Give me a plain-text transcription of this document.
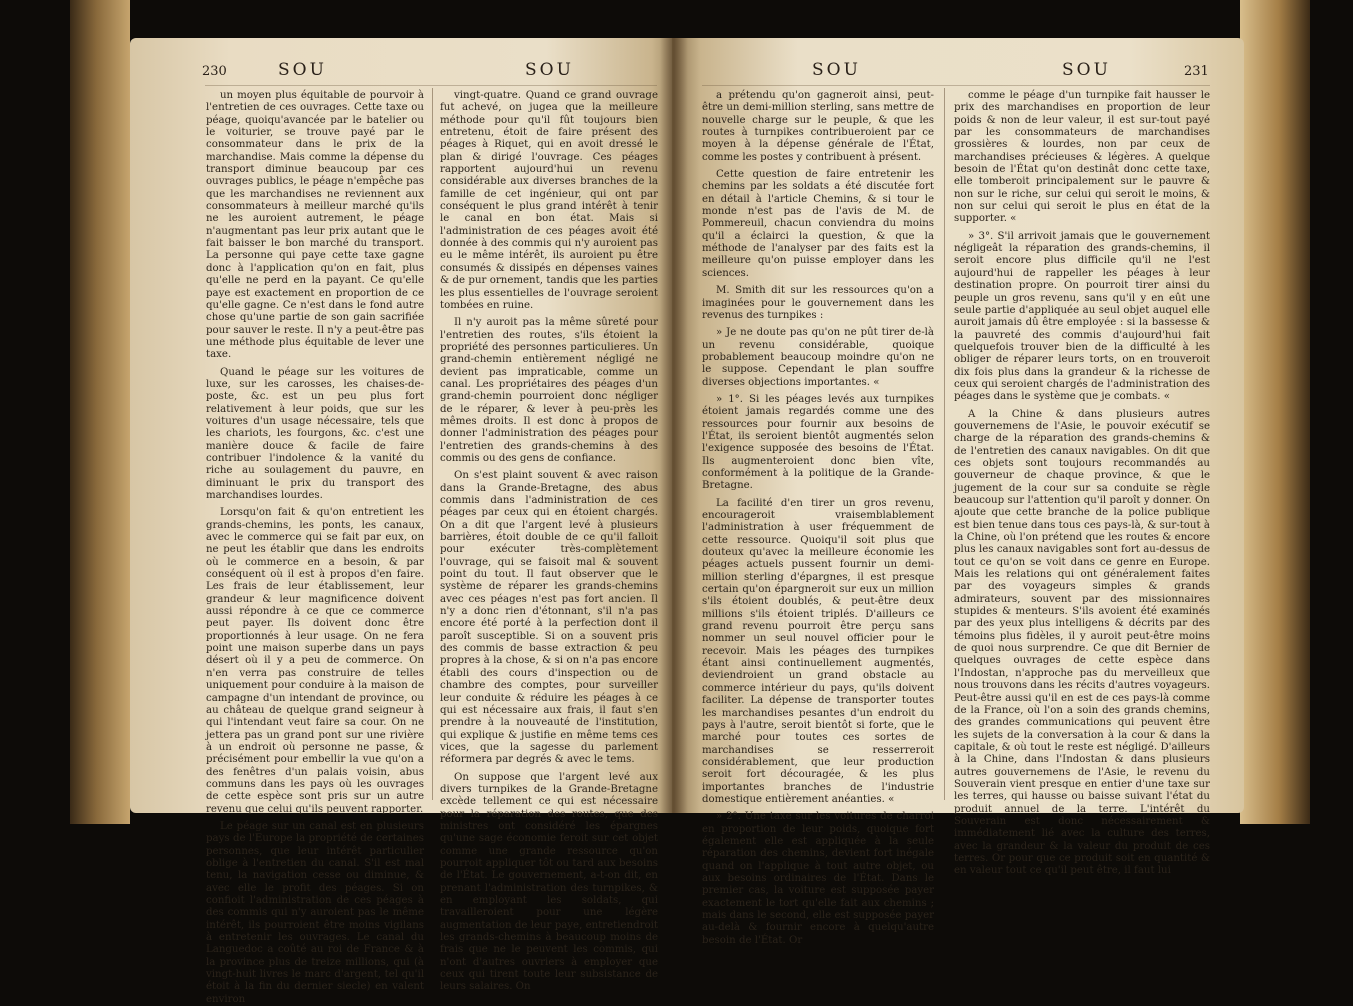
230	SOU	SOU

un moyen plus équitable de pourvoir à l'entretien de ces ouvrages. Cette taxe ou péage, quoiqu'avancée par le batelier ou le voiturier, se trouve payé par le consommateur dans le prix de la marchandise. Mais comme la dépense du transport diminue beaucoup par ces ouvrages publics, le péage n'empêche pas que les marchandises ne reviennent aux consommateurs à meilleur marché qu'ils ne les auroient autrement, le péage n'augmentant pas leur prix autant que le fait baisser le bon marché du transport. La personne qui paye cette taxe gagne donc à l'application qu'on en fait, plus qu'elle ne perd en la payant. Ce qu'elle paye est exactement en proportion de ce qu'elle gagne. Ce n'est dans le fond autre chose qu'une partie de son gain sacrifiée pour sauver le reste. Il n'y a peut-être pas une méthode plus équitable de lever une taxe.

Quand le péage sur les voitures de luxe, sur les carosses, les chaises-de-poste, &c. est un peu plus fort relativement à leur poids, que sur les voitures d'un usage nécessaire, tels que les chariots, les fourgons, &c. c'est une manière douce & facile de faire contribuer l'indolence & la vanité du riche au soulagement du pauvre, en diminuant le prix du transport des marchandises lourdes.

Lorsqu'on fait & qu'on entretient les grands-chemins, les ponts, les canaux, avec le commerce qui se fait par eux, on ne peut les établir que dans les endroits où le commerce en a besoin, & par conséquent où il est à propos d'en faire. Les frais de leur établissement, leur grandeur & leur magnificence doivent aussi répondre à ce que ce commerce peut payer. Ils doivent donc être proportionnés à leur usage. On ne fera point une maison superbe dans un pays désert où il y a peu de commerce. On n'en verra pas construire de telles uniquement pour conduire à la maison de campagne d'un intendant de province, ou au château de quelque grand seigneur à qui l'intendant veut faire sa cour. On ne jettera pas un grand pont sur une rivière à un endroit où personne ne passe, & précisément pour embellir la vue qu'on a des fenêtres d'un palais voisin, abus communs dans les pays où les ouvrages de cette espèce sont pris sur un autre revenu que celui qu'ils peuvent rapporter.

Le péage sur un canal est en plusieurs pays de l'Europe la propriété de certaines personnes, que leur intérêt particulier oblige à l'entretien du canal. S'il est mal tenu, la navigation cesse ou diminue, & avec elle le profit des péages. Si on confioit l'administration de ces péages à des commis qui n'y auroient pas le même intérêt, ils pourroient être moins vigilans à entretenir les ouvrages. Le canal du Languedoc a coûté au roi de France & à la province plus de treize millions, qui (à vingt-huit livres le marc d'argent, tel qu'il étoit à la fin du dernier siecle) en valent environ

vingt-quatre. Quand ce grand ouvrage fut achevé, on jugea que la meilleure méthode pour qu'il fût toujours bien entretenu, étoit de faire présent des péages à Riquet, qui en avoit dressé le plan & dirigé l'ouvrage. Ces péages rapportent aujourd'hui un revenu considérable aux diverses branches de la famille de cet ingénieur, qui ont par conséquent le plus grand intérêt à tenir le canal en bon état. Mais si l'administration de ces péages avoit été donnée à des commis qui n'y auroient pas eu le même intérêt, ils auroient pu être consumés & dissipés en dépenses vaines & de pur ornement, tandis que les parties les plus essentielles de l'ouvrage seroient tombées en ruine.

Il n'y auroit pas la même sûreté pour l'entretien des routes, s'ils étoient la propriété des personnes particulieres. Un grand-chemin entièrement négligé ne devient pas impraticable, comme un canal. Les propriétaires des péages d'un grand-chemin pourroient donc négliger de le réparer, & lever à peu-près les mêmes droits. Il est donc à propos de donner l'administration des péages pour l'entretien des grands-chemins à des commis ou des gens de confiance.

On s'est plaint souvent & avec raison dans la Grande-Bretagne, des abus commis dans l'administration de ces péages par ceux qui en étoient chargés. On a dit que l'argent levé à plusieurs barrières, étoit double de ce qu'il falloit pour exécuter très-complètement l'ouvrage, qui se faisoit mal & souvent point du tout. Il faut observer que le système de réparer les grands-chemins avec ces péages n'est pas fort ancien. Il n'y a donc rien d'étonnant, s'il n'a pas encore été porté à la perfection dont il paroît susceptible. Si on a souvent pris des commis de basse extraction & peu propres à la chose, & si on n'a pas encore établi des cours d'inspection ou de chambre des comptes, pour surveiller leur conduite & réduire les péages à ce qui est nécessaire aux frais, il faut s'en prendre à la nouveauté de l'institution, qui explique & justifie en même tems ces vices, que la sagesse du parlement réformera par degrés & avec le tems.

On suppose que l'argent levé aux divers turnpikes de la Grande-Bretagne excède tellement ce qui est nécessaire pour la réparation des routes, que des ministres ont considéré les épargnes qu'une sage économie feroit sur cet objet comme une grande ressource qu'on pourroit appliquer tôt ou tard aux besoins de l'État. Le gouvernement, a-t-on dit, en prenant l'administration des turnpikes, & en employant les soldats, qui travailleroient pour une légère augmentation de leur paye, entretiendroit les grands-chemins à beaucoup moins de frais que ne le peuvent les commis, qui n'ont d'autres ouvriers à employer que ceux qui tirent toute leur subsistance de leurs salaires. On

SOU	SOU	231

a prétendu qu'on gagneroit ainsi, peut-être un demi-million sterling, sans mettre de nouvelle charge sur le peuple, & que les routes à turnpikes contribueroient par ce moyen à la dépense générale de l'État, comme les postes y contribuent à présent.

Cette question de faire entretenir les chemins par les soldats a été discutée fort en détail à l'article Chemins, & si tour le monde n'est pas de l'avis de M. de Pommereuil, chacun conviendra du moins qu'il a éclairci la question, & que la méthode de l'analyser par des faits est la meilleure qu'on puisse employer dans les sciences.

M. Smith dit sur les ressources qu'on a imaginées pour le gouvernement dans les revenus des turnpikes :

» Je ne doute pas qu'on ne pût tirer de-là un revenu considérable, quoique probablement beaucoup moindre qu'on ne le suppose. Cependant le plan souffre diverses objections importantes. «

» 1°. Si les péages levés aux turnpikes étoient jamais regardés comme une des ressources pour fournir aux besoins de l'État, ils seroient bientôt augmentés selon l'exigence supposée des besoins de l'État. Ils augmenteroient donc bien vîte, conformément à la politique de la Grande-Bretagne.

La facilité d'en tirer un gros revenu, encourageroit vraisemblablement l'administration à user fréquemment de cette ressource. Quoiqu'il soit plus que douteux qu'avec la meilleure économie les péages actuels pussent fournir un demi-million sterling d'épargnes, il est presque certain qu'on épargneroit sur eux un million s'ils étoient doublés, & peut-être deux millions s'ils étoient triplés. D'ailleurs ce grand revenu pourroit être perçu sans nommer un seul nouvel officier pour le recevoir. Mais les péages des turnpikes étant ainsi continuellement augmentés, deviendroient un grand obstacle au commerce intérieur du pays, qu'ils doivent faciliter. La dépense de transporter toutes les marchandises pesantes d'un endroit du pays à l'autre, seroit bientôt si forte, que le marché pour toutes ces sortes de marchandises se resserreroit considérablement, que leur production seroit fort découragée, & les plus importantes branches de l'industrie domestique entièrement anéanties. «

» 2°. Une taxe sur les voitures de charroi en proportion de leur poids, quoique fort également elle est appliquée à la seule réparation des chemins, devient fort inégale quand on l'applique à tout autre objet, ou aux besoins ordinaires de l'État. Dans le premier cas, la voiture est supposée payer exactement le tort qu'elle fait aux chemins ; mais dans le second, elle est supposée payer au-delà & fournir encore à quelqu'autre besoin de l'État. Or

comme le péage d'un turnpike fait hausser le prix des marchandises en proportion de leur poids & non de leur valeur, il est sur-tout payé par les consommateurs de marchandises grossières & lourdes, non par ceux de marchandises précieuses & légères. A quelque besoin de l'État qu'on destinât donc cette taxe, elle tomberoit principalement sur le pauvre & non sur le riche, sur celui qui seroit le moins, & non sur celui qui seroit le plus en état de la supporter. «

» 3°. S'il arrivoit jamais que le gouvernement négligeât la réparation des grands-chemins, il seroit encore plus difficile qu'il ne l'est aujourd'hui de rappeller les péages à leur destination propre. On pourroit tirer ainsi du peuple un gros revenu, sans qu'il y en eût une seule partie d'appliquée au seul objet auquel elle auroit jamais dû être employée : si la bassesse & la pauvreté des commis d'aujourd'hui fait quelquefois trouver bien de la difficulté à les obliger de réparer leurs torts, on en trouveroit dix fois plus dans la grandeur & la richesse de ceux qui seroient chargés de l'administration des péages dans le système que je combats. «

A la Chine & dans plusieurs autres gouvernemens de l'Asie, le pouvoir exécutif se charge de la réparation des grands-chemins & de l'entretien des canaux navigables. On dit que ces objets sont toujours recommandés au gouverneur de chaque province, & que le jugement de la cour sur sa conduite se règle beaucoup sur l'attention qu'il paroît y donner. On ajoute que cette branche de la police publique est bien tenue dans tous ces pays-là, & sur-tout à la Chine, où l'on prétend que les routes & encore plus les canaux navigables sont fort au-dessus de tout ce qu'on se voit dans ce genre en Europe. Mais les relations qui ont généralement faites par des voyageurs simples & grands admirateurs, souvent par des missionnaires stupides & menteurs. S'ils avoient été examinés par des yeux plus intelligens & décrits par des témoins plus fidèles, il y auroit peut-être moins de quoi nous surprendre. Ce que dit Bernier de quelques ouvrages de cette espèce dans l'Indostan, n'approche pas du merveilleux que nous trouvons dans les récits d'autres voyageurs. Peut-être aussi qu'il en est de ces pays-là comme de la France, où l'on a soin des grands chemins, des grandes communications qui peuvent être les sujets de la conversation à la cour & dans la capitale, & où tout le reste est négligé. D'ailleurs à la Chine, dans l'Indostan & dans plusieurs autres gouvernemens de l'Asie, le revenu du Souverain vient presque en entier d'une taxe sur les terres, qui hausse ou baisse suivant l'état du produit annuel de la terre. L'intérêt du Souverain est donc nécessairement & immédiatement lié avec la culture des terres, avec la grandeur & la valeur du produit de ces terres. Or pour que ce produit soit en quantité & en valeur tout ce qu'il peut être, il faut lui
